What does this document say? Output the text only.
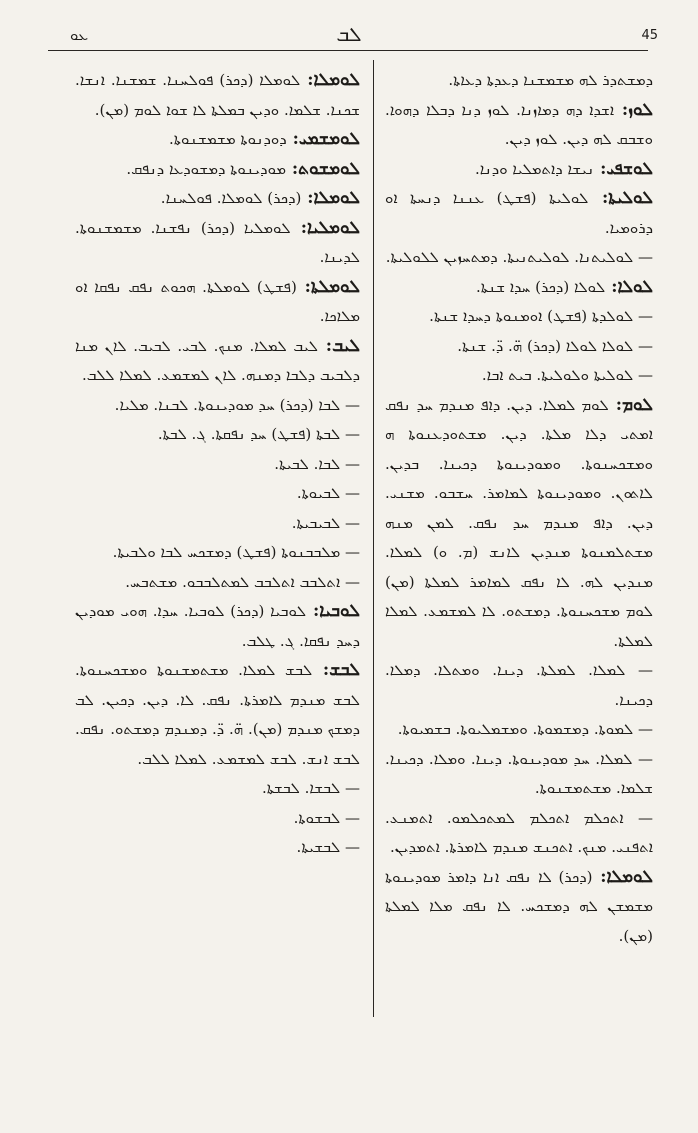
ܥܘ	ܠܒ	45

ܕܡܫܬܕܪ ܠܗ ܡܫܡܫܢܐ ܕܥܕܬܐ ܕܥܐܬܐ.

ܠܘܙ: ܐܫܕܐ ܕܗ ܕܡܐܙܢܐ. ܠܘܙ ܕܢܐ ܕܒܠܐ ܕܗܘܐ. ܘܫܒܩ ܠܗ ܕܝܢ. ܠܘܙ ܕܝܢ.

ܠܘܫܦܝ: ܢܝܫܐ ܕܐܬܡܠܝܐ ܘܕܢܐ.

ܠܘܠܝܬܐ: ܠܘܠܝܬܐ (ܦܫܛ) ܥܢܢܐ ܕܢܚܬܐ ܐܘ ܕܪܘܡܝܐ.

— ܠܘܠܝܬܢܐ. ܠܘܠܝܬܢܝܬܐ. ܕܡܬܚܙܝܢ ܠܠܘܠܝܬܐ.

ܠܘܠܐ: ܠܘܠܐ (ܕܟܪ) ܚܕܐ ܫܢܬܐ.

— ܠܘܠܕܬܐ (ܦܫܛ) ܐܘܡܢܘܬܐ ܕܚܕܐ ܫܢܬܐ.

— ܠܘܠܐ ܠܘܠܐ (ܕܟܪ) ܗ̈. ܕ̈. ܫܢܬܐ.

— ܠܘܠܝܬܐ ܘܠܘܠܝܬܐ. ܒܝܬ ܐܒܐ.

ܠܘܡ: ܠܘܡ ܠܡܠܐ. ܕܝܢ. ܕܐܦ ܡܢܕܡ ܚܕ ܢܦܩ ܐܡܬܝ ܕܠܐ ܡܠܬܐ. ܕܝܢ. ܡܫܬܘܕܥܢܘܬܐ ܗ ܘܡܫܟܚܢܘܬܐ. ܘܡܘܕܝܢܘܬܐ ܕܟܝܢܐ. ܒܕܝܢ. ܠܐܬܘܢ. ܘܡܘܕܝܢܘܬܐ ܠܡܐܡܪ. ܚܫܒܘ. ܡܫܢܝ. ܕܝܢ. ܕܐܦ ܡܢܕܡ ܚܕ ܢܦܩ. ܠܡܢ ܡܢܗ ܡܫܬܠܡܢܘܬܐ ܡܢܕܝܢ ܠܐܢܫ (ܡ. ܘ) ܠܡܠܐ. ܡܢܕܝܢ ܠܗ. ܠܐ ܢܦܩ ܠܡܐܡܪ ܠܡܠܬܐ (ܡܢ) ܠܘܡ ܡܫܟܚܢܘܬܐ. ܕܡܫܬܘ. ܠܐ ܠܡܫܡܥ. ܠܡܠܐ ܠܡܠܬܐ.

— ܠܡܠܐ. ܠܡܠܬܐ. ܕܝܢܐ. ܘܡܬܠܐ. ܕܡܠܐ. ܕܟܝܢܐ.

— ܠܡܘܬܐ. ܕܡܫܡܘܬܐ. ܘܡܫܡܠܝܘܬܐ. ܒܫܡܝܘܬܐ.

— ܠܡܠܐ. ܚܕ ܡܘܕܝܢܘܬܐ. ܕܝܢܐ. ܘܡܠܐ. ܕܟܝܢܐ. ܫܠܡܐ. ܡܫܬܡܫܢܘܬܐ.

— ܐܬܟܠܡ ܐܬܟܠܡ ܠܡܬܟܠܡܘ. ܐܬܡܢܥ. ܐܬܦܢܝ. ܡܢܟ. ܐܬܟܢܫ ܡܢܕܡ ܠܐܡܪܬܐ. ܐܬܡܕܝܢ.

ܠܘܡܠܐ: (ܕܟܪ) ܠܐ ܢܦܩ ܐܢܐ ܕܐܡܪ ܡܘܕܝܢܘܬܐ ܡܫܡܫܢ ܠܗ ܕܡܫܟܚ. ܠܐ ܢܦܩ ܡܠܐ ܠܡܠܬܐ (ܡܢ).

ܠܘܡܠܐ: ܠܘܡܠܐ (ܕܟܪ) ܦܘܠܚܢܐ. ܫܡܫܢܐ. ܐܢܫܐ. ܫܟܢܐ. ܫܠܡܐ. ܘܕܝܢ ܒܡܠܬܐ ܠܐ ܫܘܐ ܠܘܡ (ܡܢ).

ܠܘܡܫܡܝ: ܕܘܕܢܘܬܐ ܡܫܡܫܢܘܬܐ.

ܠܘܡܫܘܬ: ܡܘܕܝܢܘܬܐ ܕܡܫܘܕܥܐ ܕܢܦܩ.

ܠܘܡܠܐ: (ܕܟܪ) ܠܘܡܠܐ. ܦܘܠܚܢܐ.

ܠܘܡܠܝܐ: ܠܘܡܠܝܐ (ܕܟܪ) ܢܦܫܢܐ. ܡܫܡܫܢܘܬܐ. ܠܕܝܢܐ.

ܠܘܡܠܬܐ: (ܦܫܛ) ܠܘܡܠܬܐ. ܗܟܘܬ ܢܦܩ ܢܦܩܐ ܐܘ ܡܠܐܟܐ.

ܠܝܒ: ܠܝܒ ܠܡܠܐ. ܡܢܟ. ܠܒܝ. ܠܒܝܒ. ܠܐܢ ܡܢܐ ܕܠܒܝܒ ܕܠܒܐ ܕܡܢܗ. ܠܐܢ ܠܡܫܡܥ. ܠܡܠܐ ܠܠܒ.

— ܠܒܐ (ܕܟܪ) ܚܕ ܡܘܕܝܢܘܬܐ. ܠܒܢܐ. ܡܠܝܐ.

— ܠܒܬܐ (ܦܫܛ) ܚܕ ܢܦܩܬܐ. ܓ. ܠܒܬܐ.

— ܠܒܐ. ܠܒܝܬܐ.

— ܠܒܝܘܬܐ.

— ܠܒܝܒܝܬܐ.

— ܡܠܒܒܢܘܬܐ (ܦܫܛ) ܕܡܫܟܚ ܠܒܐ ܘܠܒܝܬܐ.

— ܐܬܠܒܒ ܐܬܠܒܒ ܠܡܬܠܒܒܘ. ܡܫܬܒܚ.

ܠܘܒܝܐ: ܠܘܒܝܐ (ܕܟܪ) ܠܘܒܝܐ. ܚܕܐ. ܗܘܝ ܡܘܕܝܢ ܕܚܕ ܢܦܩܐ. ܓ. ܛܠܒ.

ܠܒܫ: ܠܒܫ ܠܡܠܐ. ܡܫܬܡܫܢܘܬܐ ܘܡܫܟܚܢܘܬܐ. ܠܒܫ ܡܢܕܡ ܠܐܡܪܬܐ. ܢܦܩ. ܠܐ. ܕܝܢ. ܕܟܝܢ. ܠܒ ܕܡܫܟ ܡܢܕܡ (ܡܢ). ܗ̈. ܕ̈. ܕܡܢܕܡ ܕܡܫܬܘ. ܢܦܩ. ܠܒܫ ܐܢܫ. ܠܒܫ ܠܡܫܡܥ. ܠܡܠܐ ܠܠܒ.

— ܠܒܫܐ. ܠܒܫܬܐ.

— ܠܒܫܘܬܐ.

— ܠܒܫܝܬܐ.
